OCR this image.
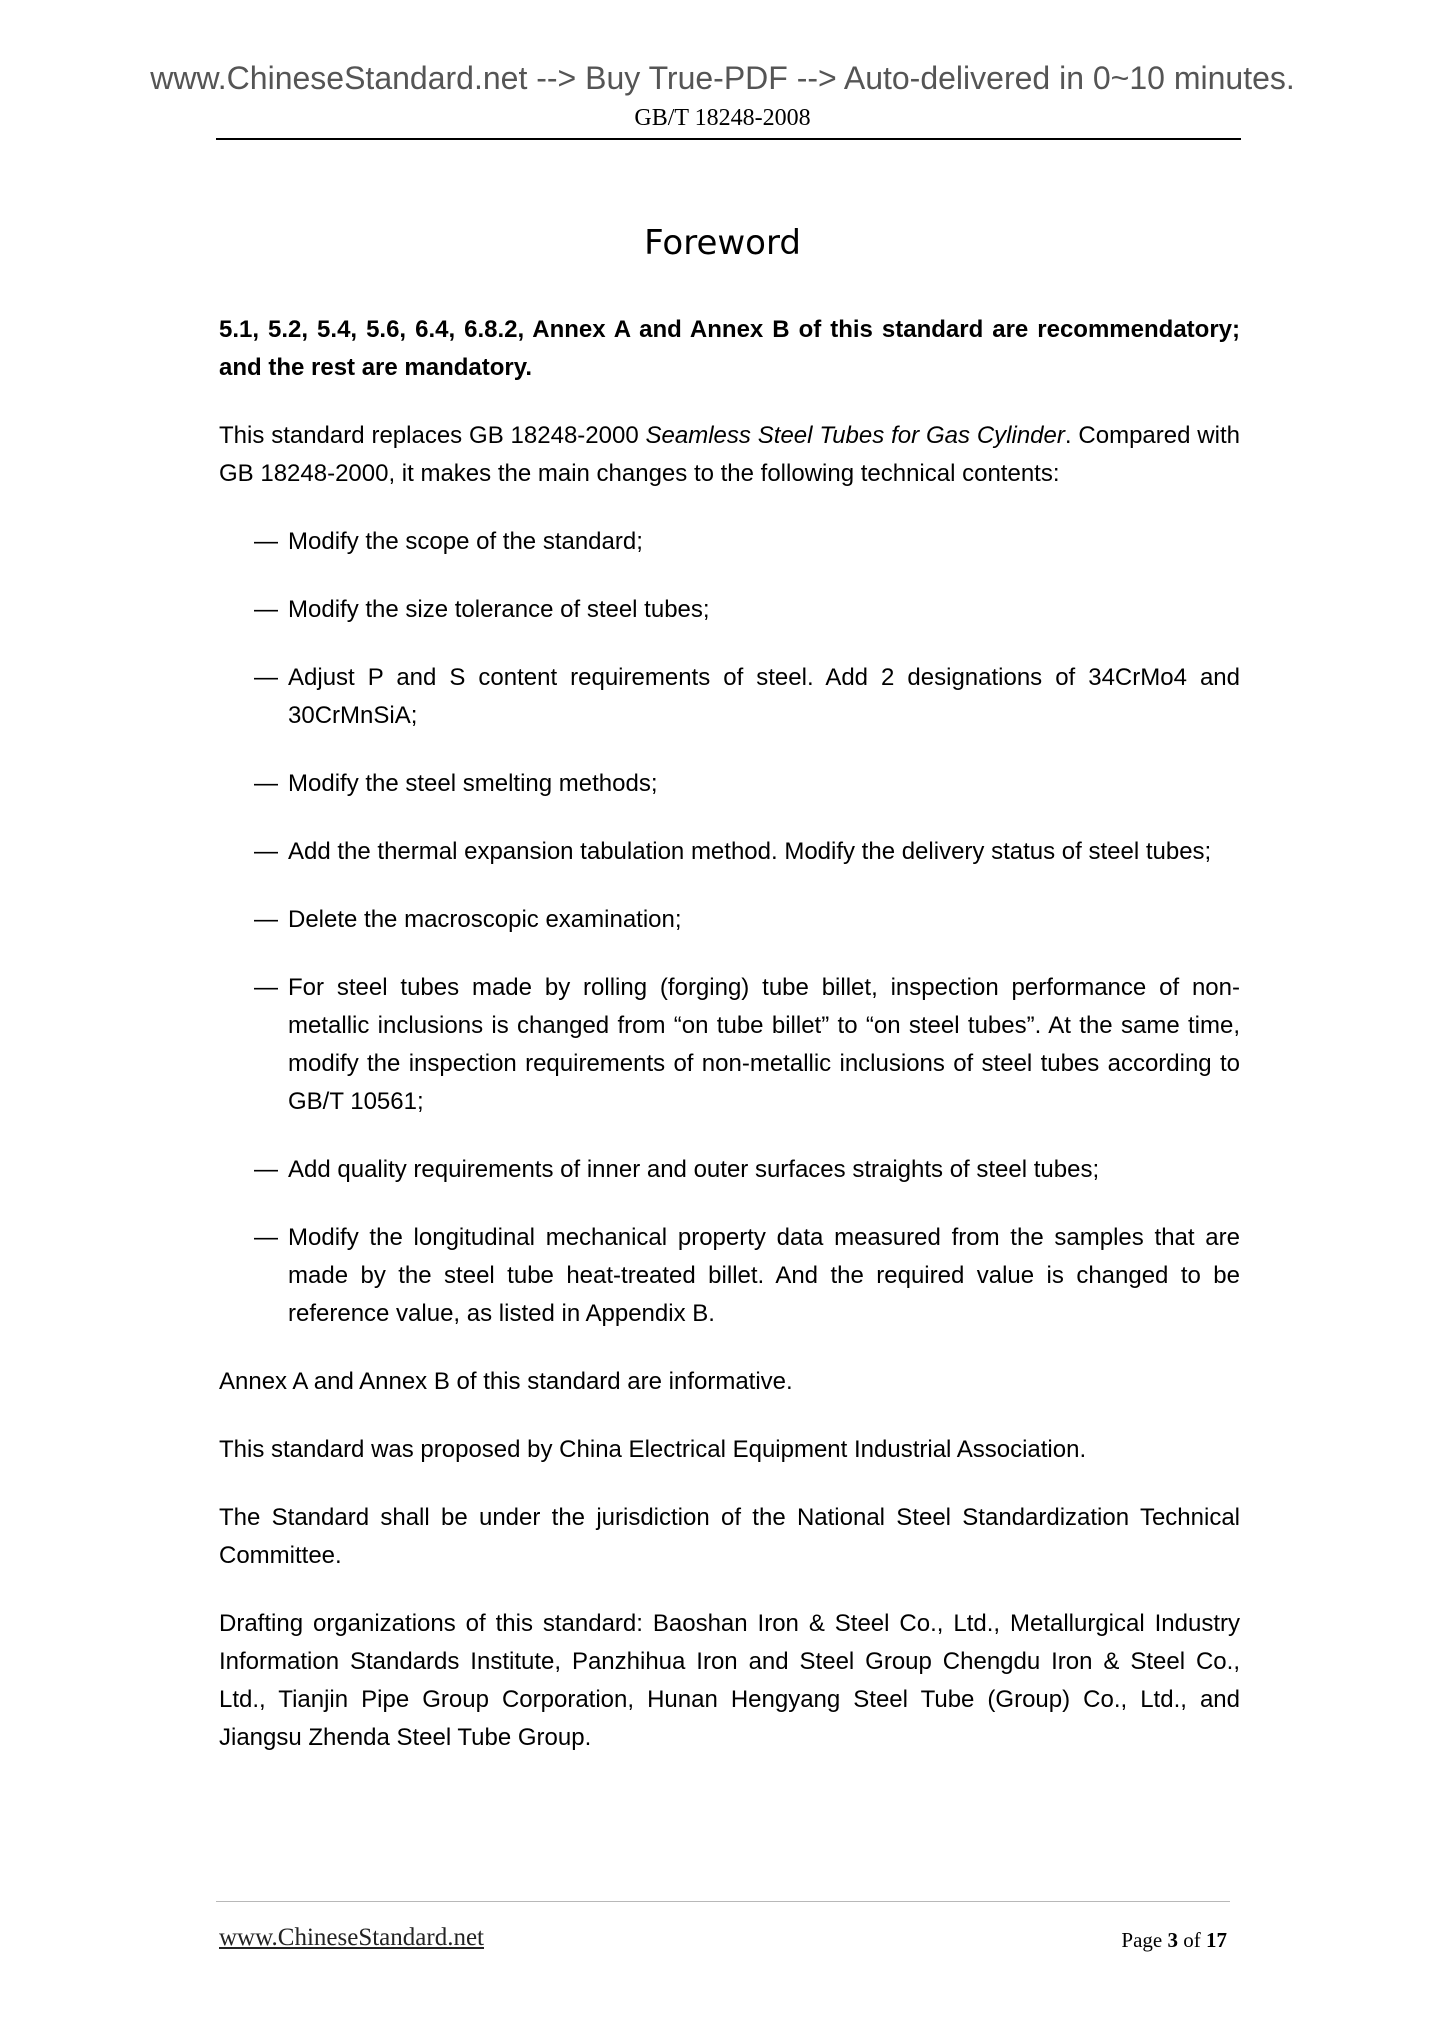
www.ChineseStandard.net --> Buy True-PDF --> Auto-delivered in 0~10 minutes.
GB/T 18248-2008
Foreword

5.1, 5.2, 5.4, 5.6, 6.4, 6.8.2, Annex A and Annex B of this standard are recommendatory; and the rest are mandatory.

This standard replaces GB 18248-2000 Seamless Steel Tubes for Gas Cylinder. Compared with GB 18248-2000, it makes the main changes to the following technical contents:

— Modify the scope of the standard;
— Modify the size tolerance of steel tubes;
— Adjust P and S content requirements of steel. Add 2 designations of 34CrMo4 and 30CrMnSiA;
— Modify the steel smelting methods;
— Add the thermal expansion tabulation method. Modify the delivery status of steel tubes;
— Delete the macroscopic examination;
— For steel tubes made by rolling (forging) tube billet, inspection performance of non-metallic inclusions is changed from “on tube billet” to “on steel tubes”. At the same time, modify the inspection requirements of non-metallic inclusions of steel tubes according to GB/T 10561;
— Add quality requirements of inner and outer surfaces straights of steel tubes;
— Modify the longitudinal mechanical property data measured from the samples that are made by the steel tube heat-treated billet. And the required value is changed to be reference value, as listed in Appendix B.

Annex A and Annex B of this standard are informative.

This standard was proposed by China Electrical Equipment Industrial Association.

The Standard shall be under the jurisdiction of the National Steel Standardization Technical Committee.

Drafting organizations of this standard: Baoshan Iron & Steel Co., Ltd., Metallurgical Industry Information Standards Institute, Panzhihua Iron and Steel Group Chengdu Iron & Steel Co., Ltd., Tianjin Pipe Group Corporation, Hunan Hengyang Steel Tube (Group) Co., Ltd., and Jiangsu Zhenda Steel Tube Group.

www.ChineseStandard.net	Page 3 of 17
